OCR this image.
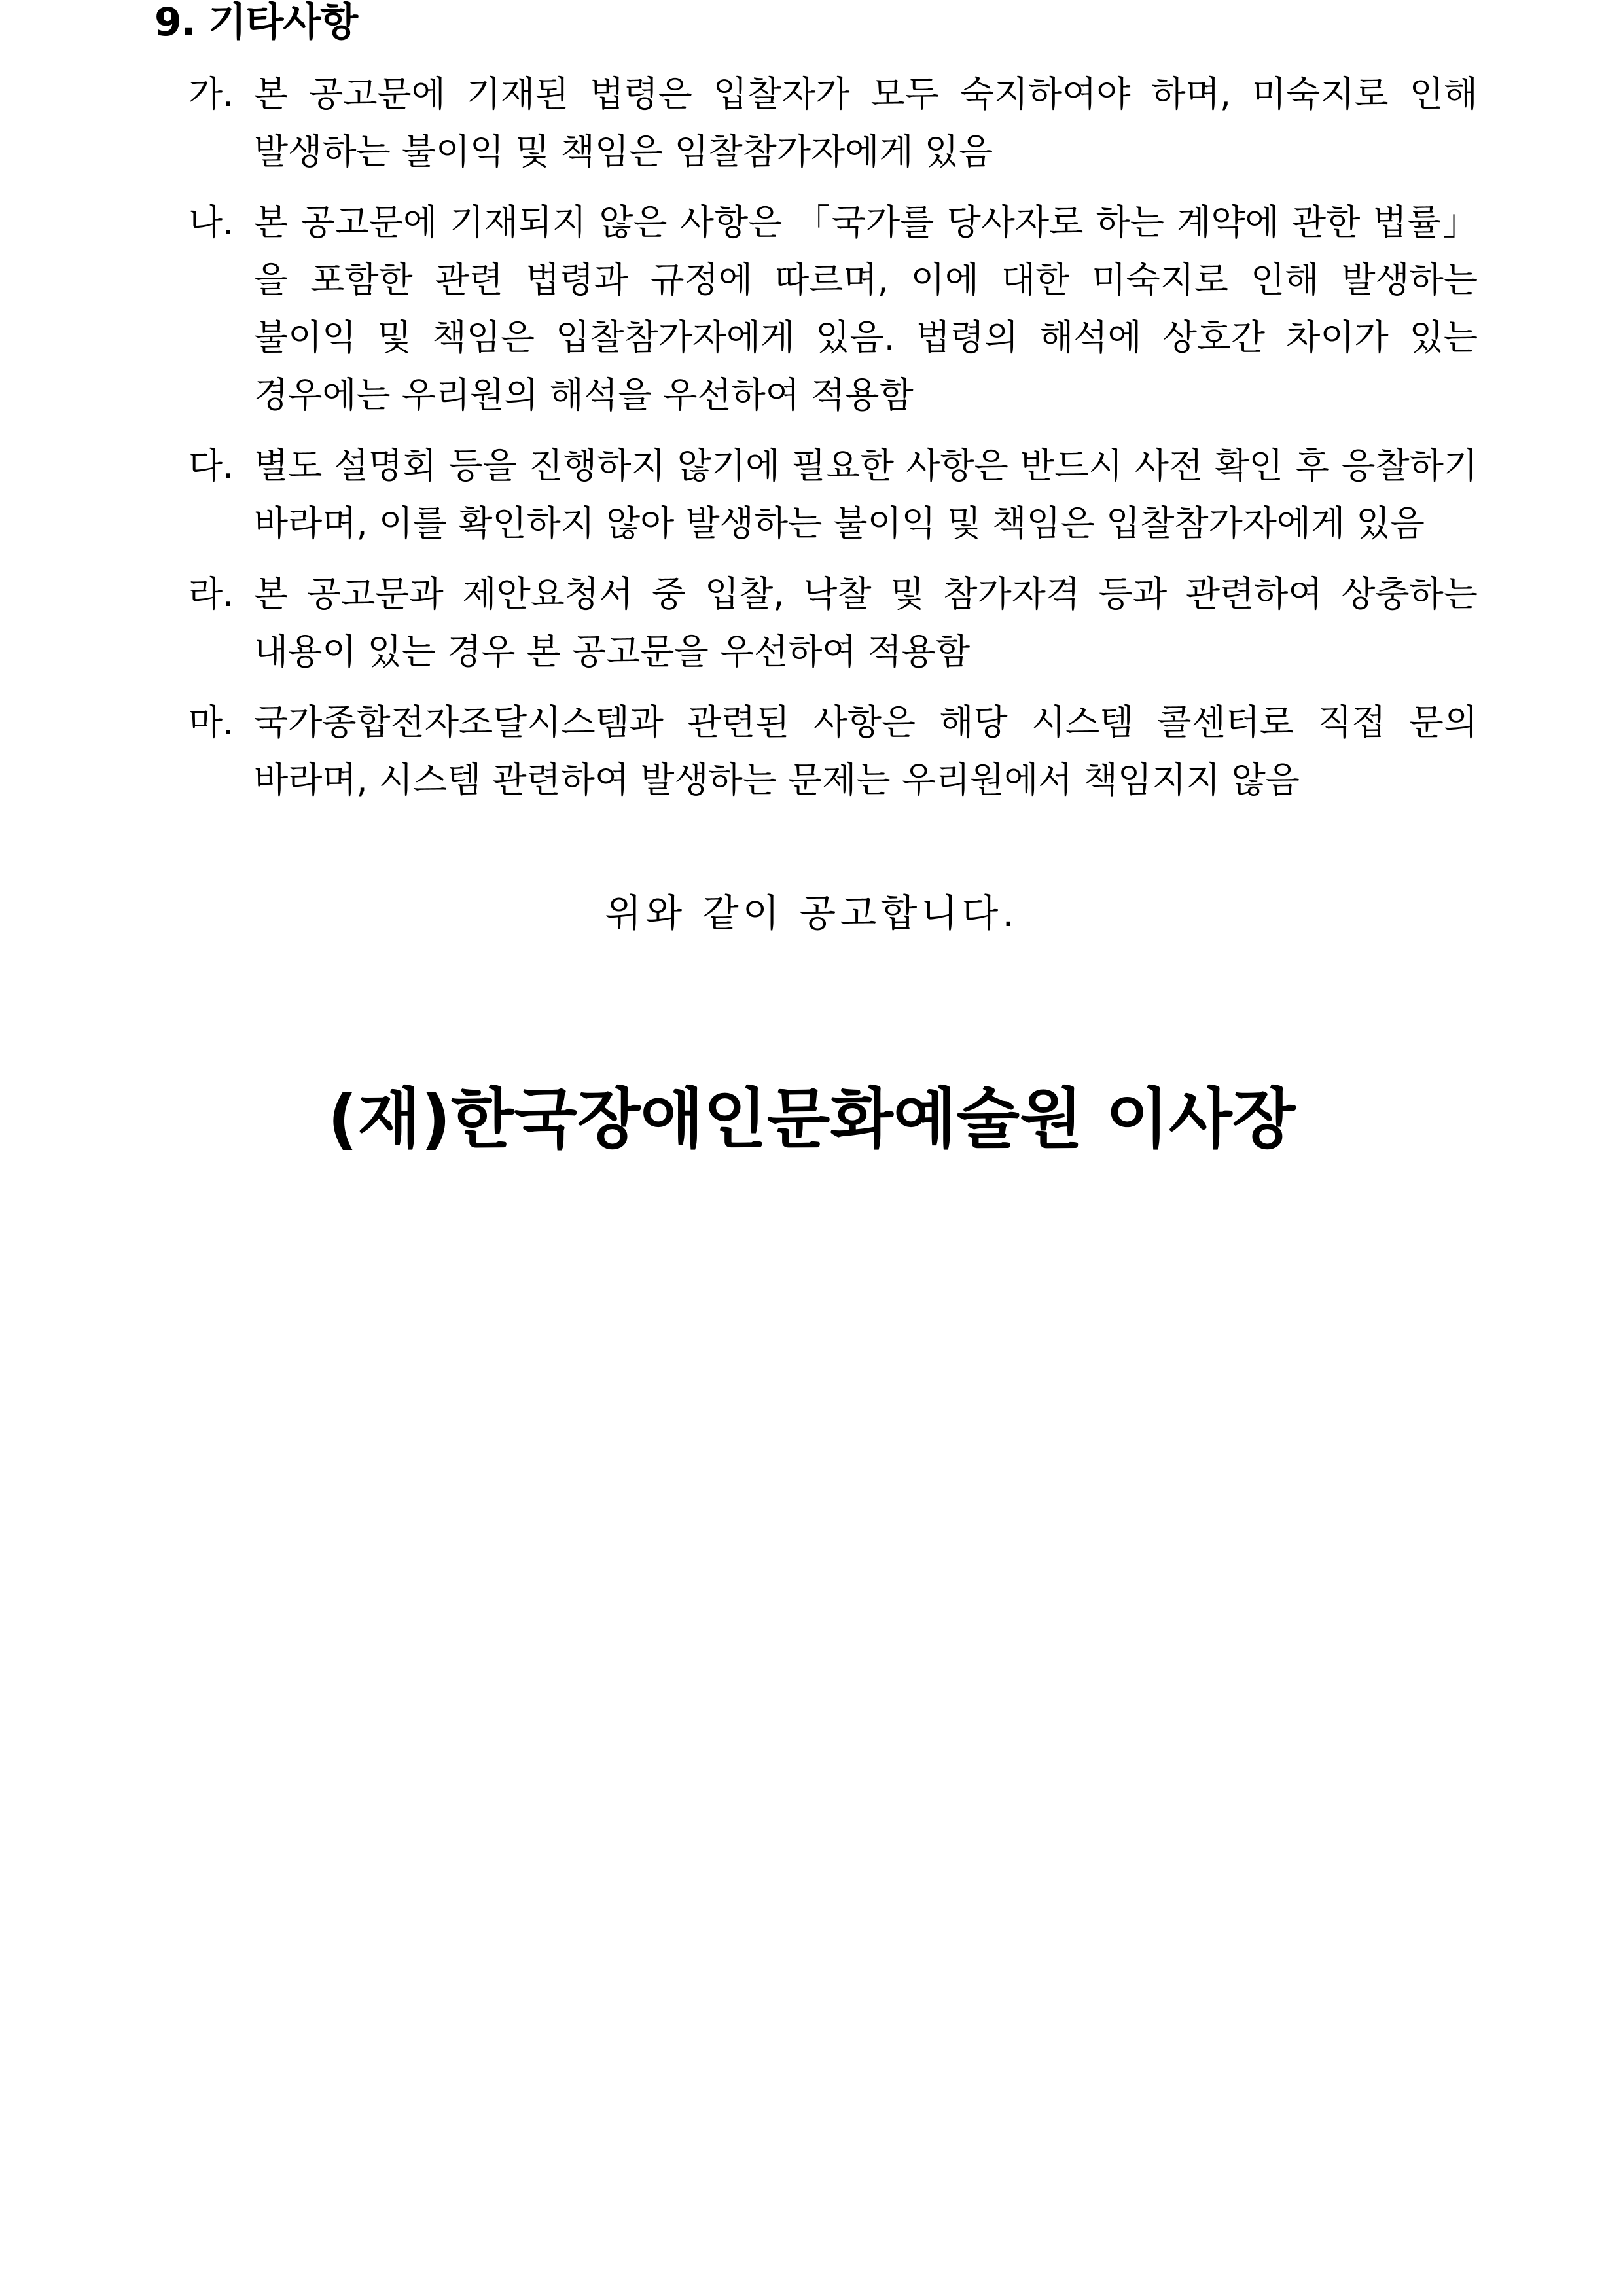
9. 기타사항
가. 본 공고문에 기재된 법령은 입찰자가 모두 숙지하여야 하며, 미숙지로 인해 발생하는 불이익 및 책임은 임찰참가자에게 있음
나. 본 공고문에 기재되지 않은 사항은 「국가를 당사자로 하는 계약에 관한 법률」을 포함한 관련 법령과 규정에 따르며, 이에 대한 미숙지로 인해 발생하는 불이익 및 책임은 입찰참가자에게 있음. 법령의 해석에 상호간 차이가 있는 경우에는 우리원의 해석을 우선하여 적용함
다. 별도 설명회 등을 진행하지 않기에 필요한 사항은 반드시 사전 확인 후 응찰하기 바라며, 이를 확인하지 않아 발생하는 불이익 및 책임은 입찰참가자에게 있음
라. 본 공고문과 제안요청서 중 입찰, 낙찰 및 참가자격 등과 관련하여 상충하는 내용이 있는 경우 본 공고문을 우선하여 적용함
마. 국가종합전자조달시스템과 관련된 사항은 해당 시스템 콜센터로 직접 문의 바라며, 시스템 관련하여 발생하는 문제는 우리원에서 책임지지 않음
위와 같이 공고합니다.
(재)한국장애인문화예술원 이사장
